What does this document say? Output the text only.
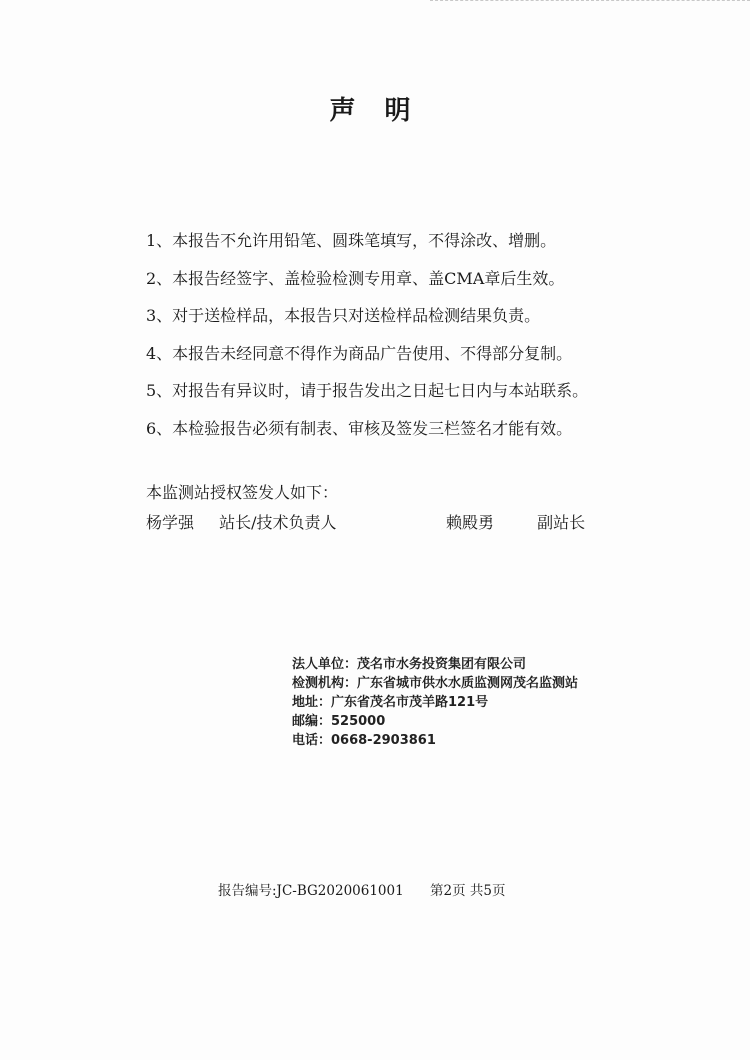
声 明
1、本报告不允许用铅笔、圆珠笔填写，不得涂改、增删。
2、本报告经签字、盖检验检测专用章、盖CMA章后生效。
3、对于送检样品，本报告只对送检样品检测结果负责。
4、本报告未经同意不得作为商品广告使用、不得部分复制。
5、对报告有异议时，请于报告发出之日起七日内与本站联系。
6、本检验报告必须有制表、审核及签发三栏签名才能有效。
本监测站授权签发人如下：
杨学强 站长/技术负责人	赖殿勇	副站长
法人单位：茂名市水务投资集团有限公司
检测机构：广东省城市供水水质监测网茂名监测站
地址：广东省茂名市茂羊路121号
邮编：525000
电话：0668-2903861
报告编号:JC-BG2020061001 第2页 共5页
